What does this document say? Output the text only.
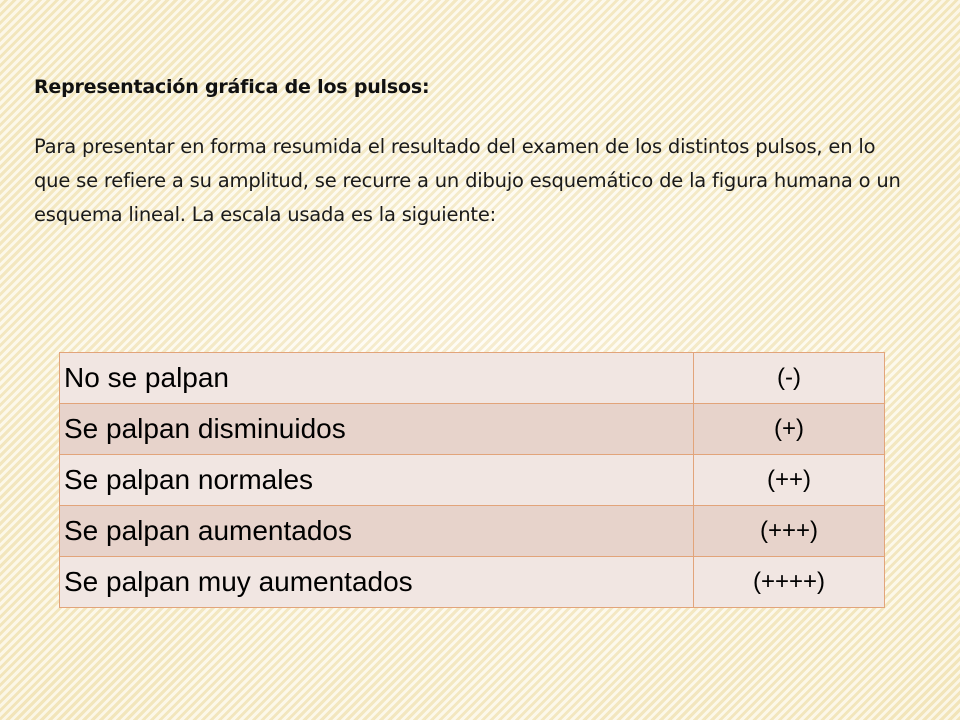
Representación gráfica de los pulsos:

Para presentar en forma resumida el resultado del examen de los distintos pulsos, en lo que se refiere a su amplitud, se recurre a un dibujo esquemático de la figura humana o un esquema lineal. La escala usada es la siguiente:

No se palpan	(-)
Se palpan disminuidos	(+)
Se palpan normales	(++)
Se palpan aumentados	(+++)
Se palpan muy aumentados	(++++)
